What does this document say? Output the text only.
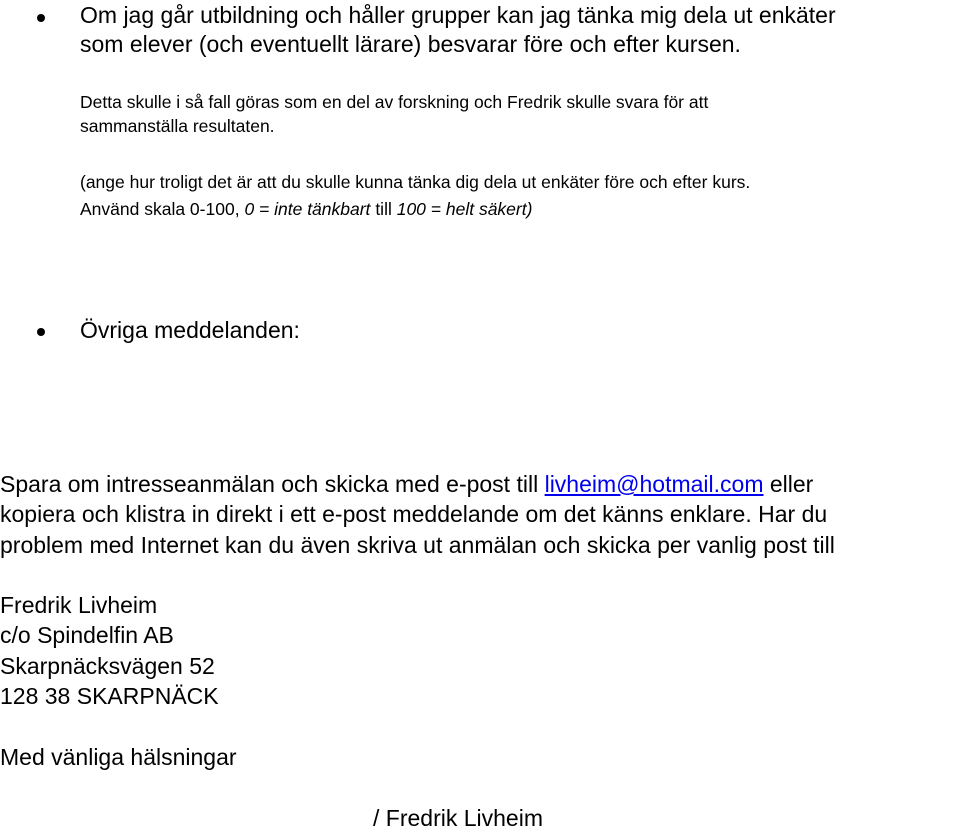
Om jag går utbildning och håller grupper kan jag tänka mig dela ut enkäter
som elever (och eventuellt lärare) besvarar före och efter kursen.
Detta skulle i så fall göras som en del av forskning och Fredrik skulle svara för att
sammanställa resultaten.
(ange hur troligt det är att du skulle kunna tänka dig dela ut enkäter före och efter kurs.
Använd skala 0-100, 0 = inte tänkbart till 100 = helt säkert)
Övriga meddelanden:
Spara om intresseanmälan och skicka med e-post till livheim@hotmail.com eller
kopiera och klistra in direkt i ett e-post meddelande om det känns enklare. Har du
problem med Internet kan du även skriva ut anmälan och skicka per vanlig post till
Fredrik Livheim
c/o Spindelfin AB
Skarpnäcksvägen 52
128 38 SKARPNÄCK
Med vänliga hälsningar
/ Fredrik Livheim
